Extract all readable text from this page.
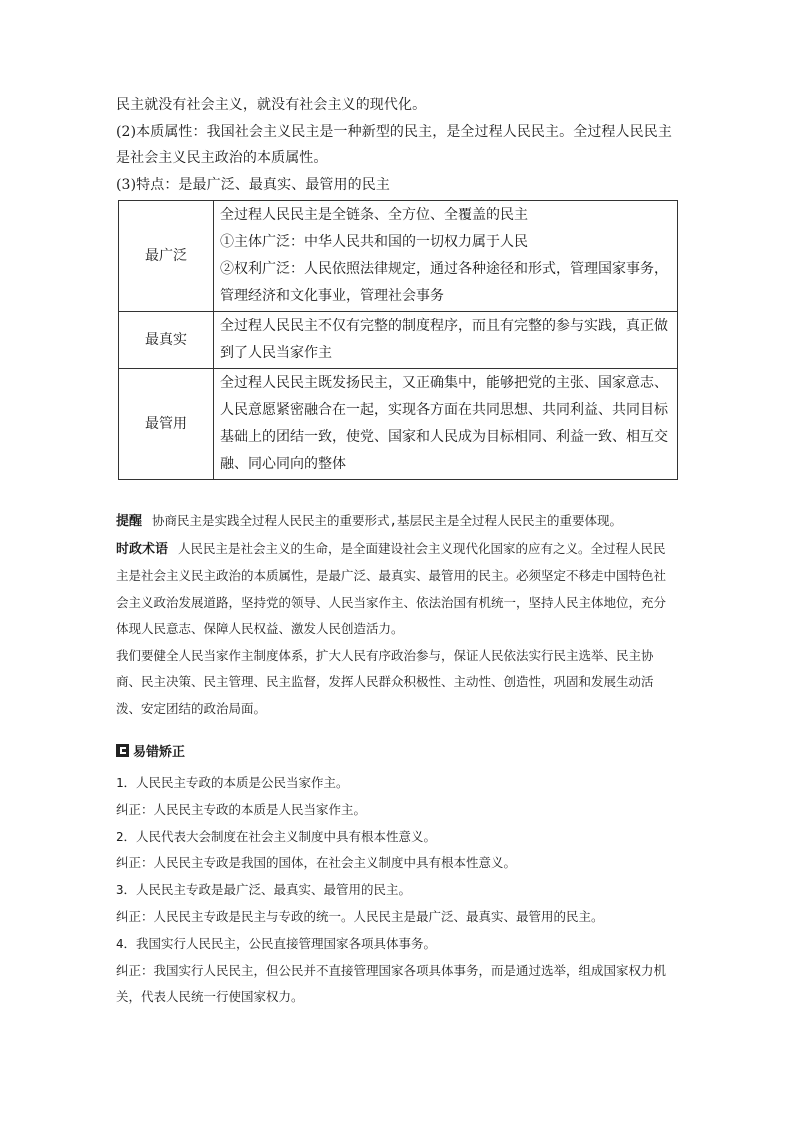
民主就没有社会主义，就没有社会主义的现代化。

(2)本质属性：我国社会主义民主是一种新型的民主，是全过程人民民主。全过程人民民主是社会主义民主政治的本质属性。

(3)特点：是最广泛、最真实、最管用的民主

最广泛	全过程人民民主是全链条、全方位、全覆盖的民主
①主体广泛：中华人民共和国的一切权力属于人民
②权利广泛：人民依照法律规定，通过各种途径和形式，管理国家事务，管理经济和文化事业，管理社会事务

最真实	全过程人民民主不仅有完整的制度程序，而且有完整的参与实践，真正做到了人民当家作主

最管用	全过程人民民主既发扬民主，又正确集中，能够把党的主张、国家意志、人民意愿紧密融合在一起，实现各方面在共同思想、共同利益、共同目标基础上的团结一致，使党、国家和人民成为目标相同、利益一致、相互交融、同心同向的整体

提醒 协商民主是实践全过程人民民主的重要形式,基层民主是全过程人民民主的重要体现。

时政术语 人民民主是社会主义的生命，是全面建设社会主义现代化国家的应有之义。全过程人民民主是社会主义民主政治的本质属性，是最广泛、最真实、最管用的民主。必须坚定不移走中国特色社会主义政治发展道路，坚持党的领导、人民当家作主、依法治国有机统一，坚持人民主体地位，充分体现人民意志、保障人民权益、激发人民创造活力。

我们要健全人民当家作主制度体系，扩大人民有序政治参与，保证人民依法实行民主选举、民主协商、民主决策、民主管理、民主监督，发挥人民群众积极性、主动性、创造性，巩固和发展生动活泼、安定团结的政治局面。

易错矫正

1．人民民主专政的本质是公民当家作主。

纠正：人民民主专政的本质是人民当家作主。

2．人民代表大会制度在社会主义制度中具有根本性意义。

纠正：人民民主专政是我国的国体，在社会主义制度中具有根本性意义。

3．人民民主专政是最广泛、最真实、最管用的民主。

纠正：人民民主专政是民主与专政的统一。人民民主是最广泛、最真实、最管用的民主。

4．我国实行人民民主，公民直接管理国家各项具体事务。

纠正：我国实行人民民主，但公民并不直接管理国家各项具体事务，而是通过选举，组成国家权力机关，代表人民统一行使国家权力。
